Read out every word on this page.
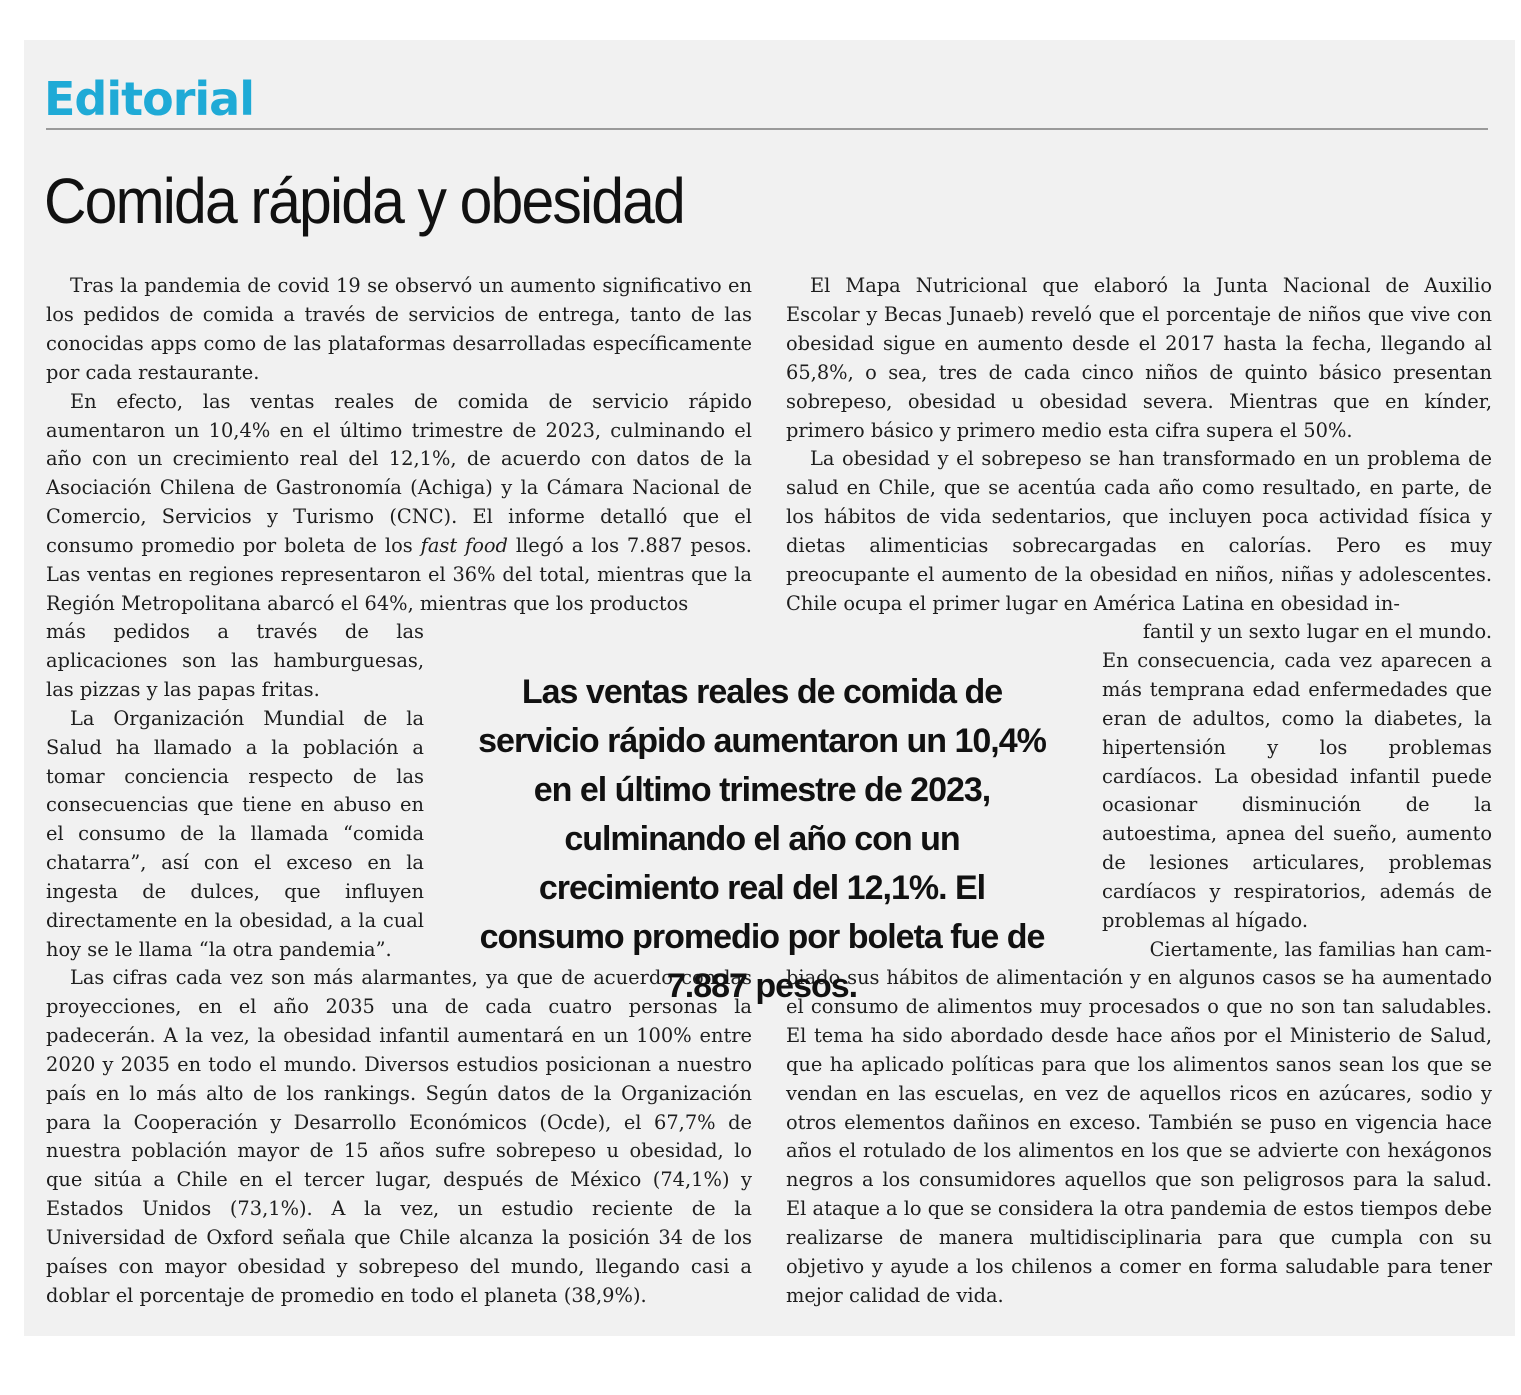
Editorial
Comida rápida y obesidad

Tras la pandemia de covid 19 se observó un aumento significativo en los pedidos de comida a través de servicios de entrega, tanto de las conocidas apps como de las plataformas desarrolladas específicamente por cada restaurante.

En efecto, las ventas reales de comida de servicio rápido aumentaron un 10,4% en el último trimestre de 2023, culminando el año con un crecimiento real del 12,1%, de acuerdo con datos de la Asociación Chilena de Gastronomía (Achiga) y la Cámara Nacional de Comercio, Servicios y Turismo (CNC). El informe detalló que el consumo promedio por boleta de los fast food llegó a los 7.887 pesos. Las ventas en regiones representaron el 36% del total, mientras que la Región Metropolitana abarcó el 64%, mientras que los productos

más pedidos a través de las aplicaciones son las hamburguesas, las pizzas y las papas fritas.

La Organización Mundial de la Salud ha llamado a la población a tomar conciencia respecto de las consecuencias que tiene en abuso en el consumo de la llamada “comida chatarra”, así con el exceso en la ingesta de dulces, que influyen directamente en la obesidad, a la cual hoy se le llama “la otra pandemia”.

Las cifras cada vez son más alarmantes, ya que de acuerdo con las proyecciones, en el año 2035 una de cada cuatro personas la padecerán. A la vez, la obesidad infantil aumentará en un 100% entre 2020 y 2035 en todo el mundo. Diversos estudios posicionan a nuestro país en lo más alto de los rankings. Según datos de la Organización para la Cooperación y Desarrollo Económicos (Ocde), el 67,7% de nuestra población mayor de 15 años sufre sobrepeso u obesidad, lo que sitúa a Chile en el tercer lugar, después de México (74,1%) y Estados Unidos (73,1%). A la vez, un estudio reciente de la Universidad de Oxford señala que Chile alcanza la posición 34 de los países con mayor obesidad y sobrepeso del mundo, llegando casi a doblar el porcentaje de promedio en todo el planeta (38,9%).

El Mapa Nutricional que elaboró la Junta Nacional de Auxilio Escolar y Becas Junaeb) reveló que el porcentaje de niños que vive con obesidad sigue en aumento desde el 2017 hasta la fecha, llegando al 65,8%, o sea, tres de cada cinco niños de quinto básico presentan sobrepeso, obesidad u obesidad severa. Mientras que en kínder, primero básico y primero medio esta cifra supera el 50%.

La obesidad y el sobrepeso se han transformado en un problema de salud en Chile, que se acentúa cada año como resultado, en parte, de los hábitos de vida sedentarios, que incluyen poca actividad física y dietas alimenticias sobrecargadas en calorías. Pero es muy preocupante el aumento de la obesidad en niños, niñas y adolescentes. Chile ocupa el primer lugar en América Latina en obesidad in-

fantil y un sexto lugar en el mundo.

En consecuencia, cada vez aparecen a más temprana edad enfermedades que eran de adultos, como la diabetes, la hipertensión y los problemas cardíacos. La obesidad infantil puede ocasionar disminución de la autoestima, apnea del sueño, aumento de lesiones articulares, problemas cardíacos y respiratorios, además de problemas al hígado.

Ciertamente, las familias han cam-

biado sus hábitos de alimentación y en algunos casos se ha aumentado el consumo de alimentos muy procesados o que no son tan saludables. El tema ha sido abordado desde hace años por el Ministerio de Salud, que ha aplicado políticas para que los alimentos sanos sean los que se vendan en las escuelas, en vez de aquellos ricos en azúcares, sodio y otros elementos dañinos en exceso. También se puso en vigencia hace años el rotulado de los alimentos en los que se advierte con hexágonos negros a los consumidores aquellos que son peligrosos para la salud. El ataque a lo que se considera la otra pandemia de estos tiempos debe realizarse de manera multidisciplinaria para que cumpla con su objetivo y ayude a los chilenos a comer en forma saludable para tener mejor calidad de vida.

Las ventas reales de comida de servicio rápido aumentaron un 10,4% en el último trimestre de 2023, culminando el año con un crecimiento real del 12,1%. El consumo promedio por boleta fue de 7.887 pesos.
